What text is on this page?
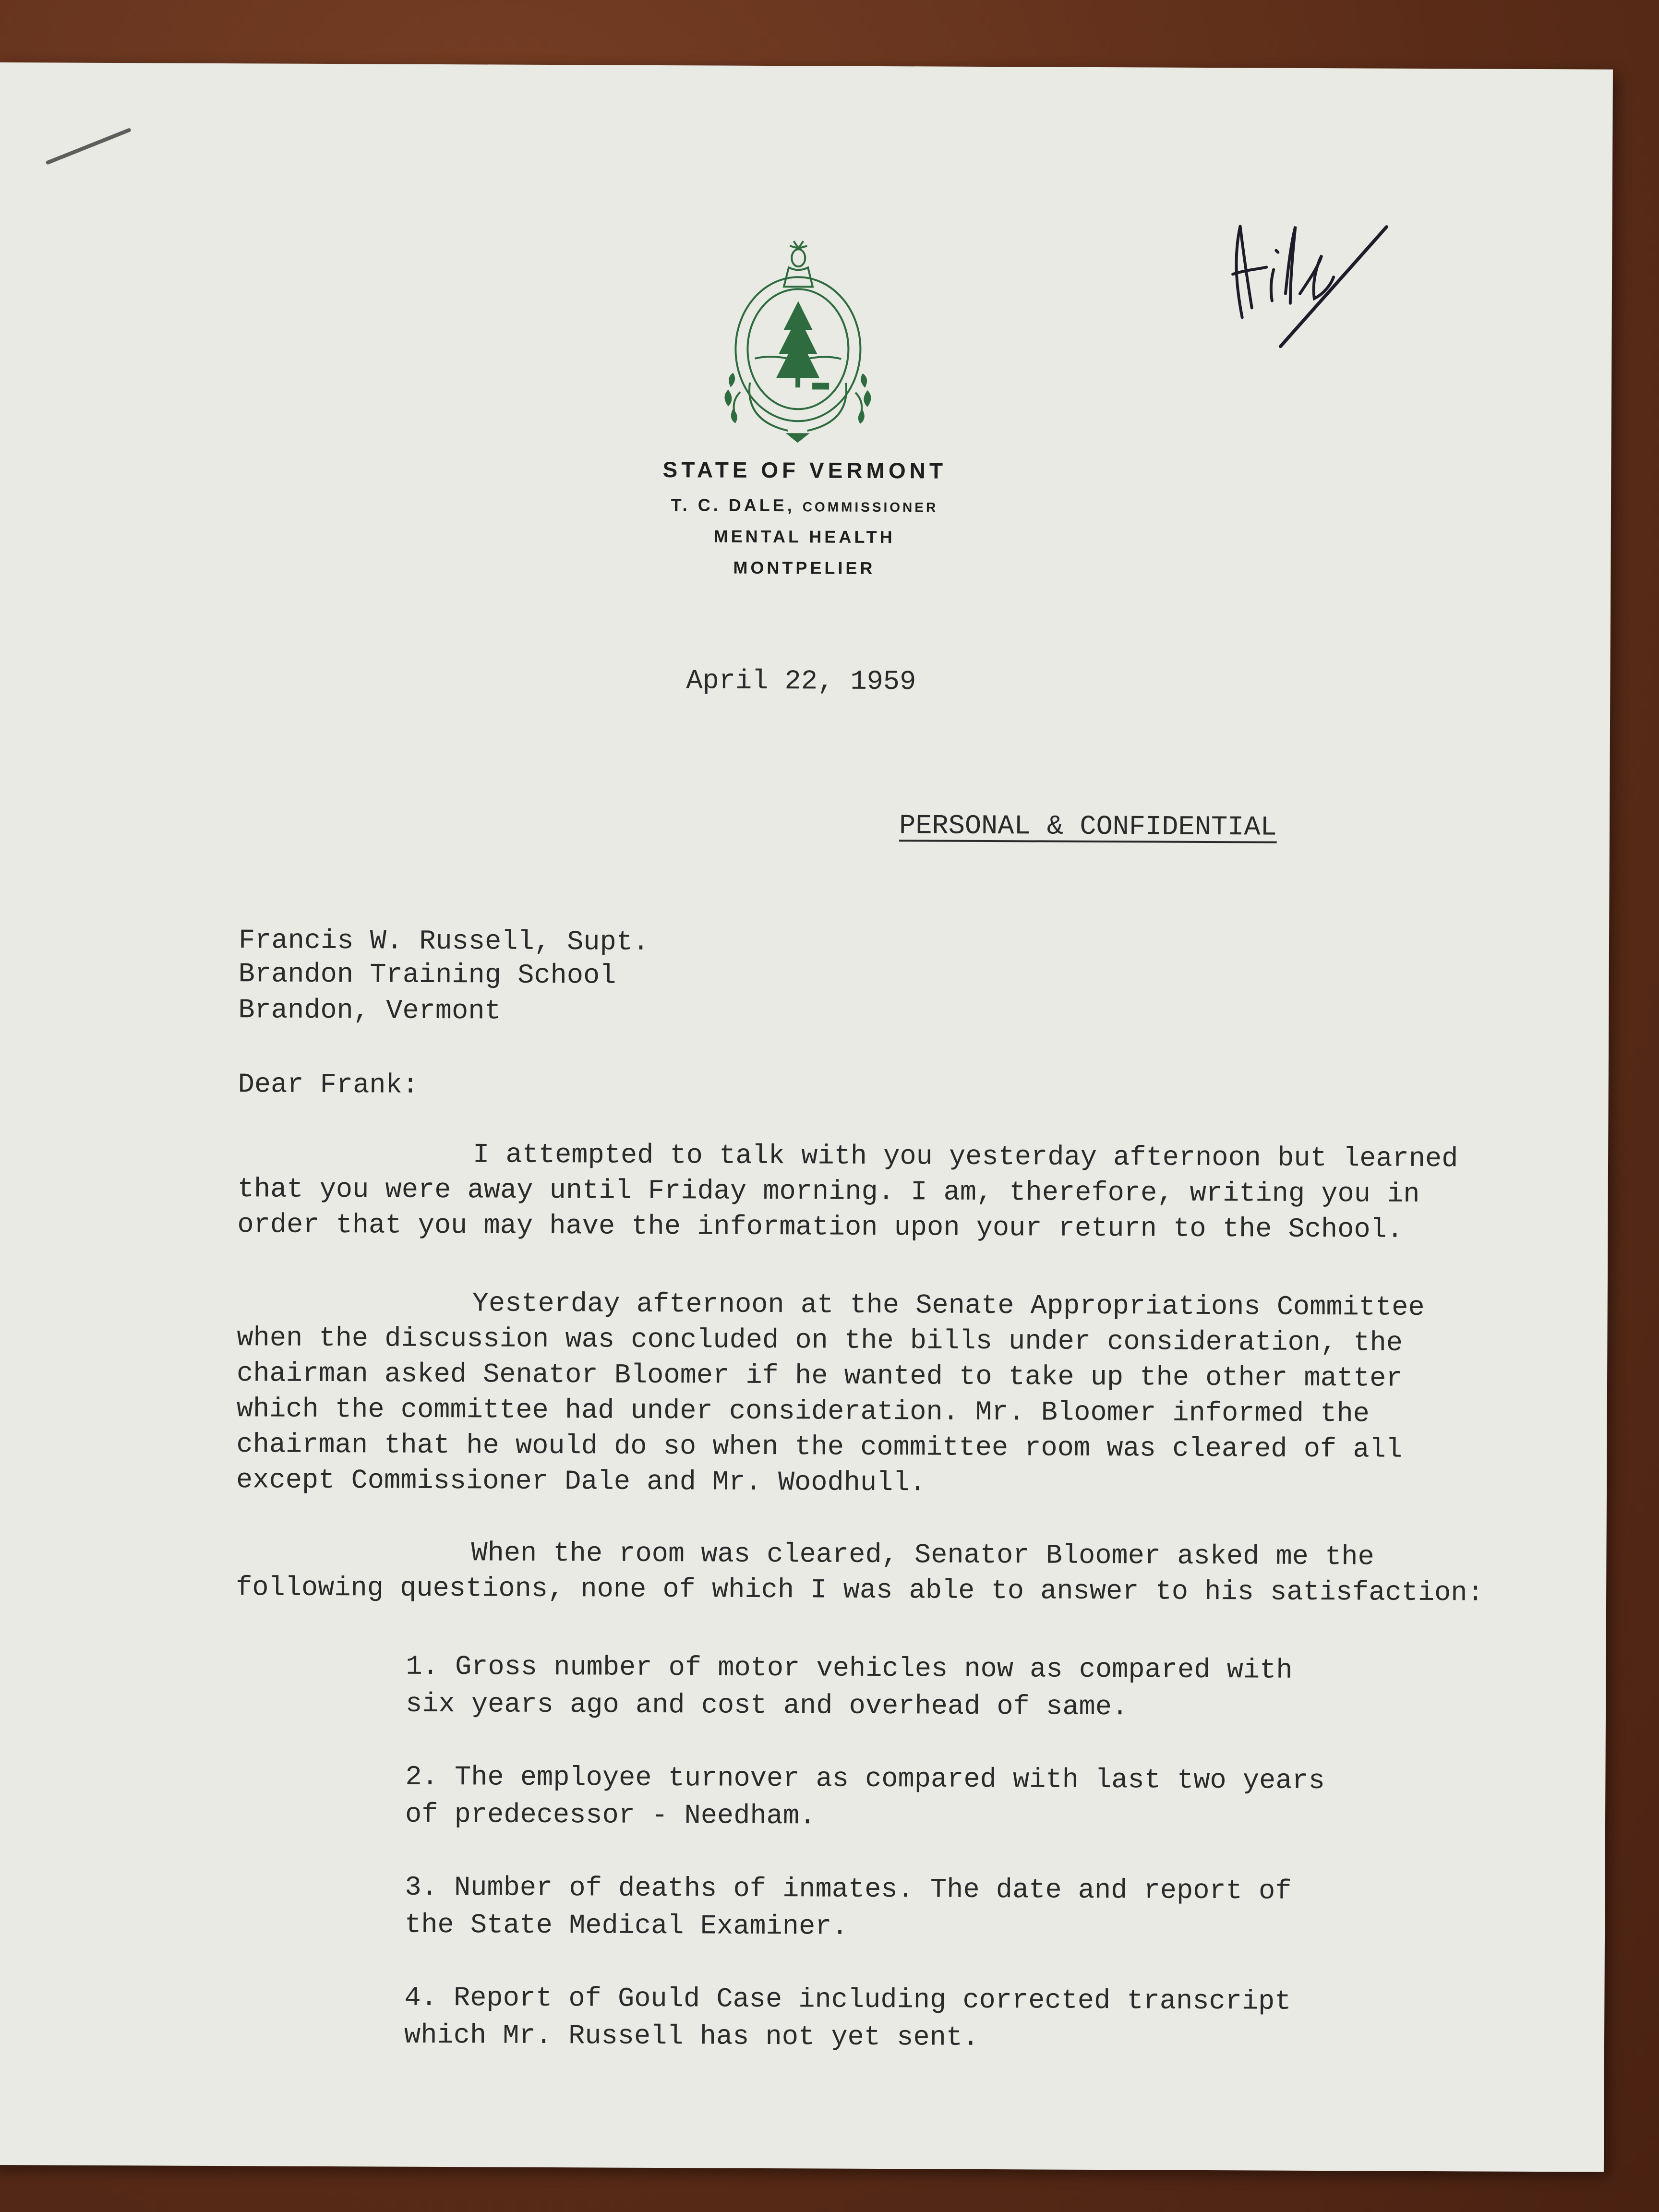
STATE OF VERMONT
T. C. DALE, COMMISSIONER
MENTAL HEALTH
MONTPELIER
April 22, 1959
PERSONAL & CONFIDENTIAL
Francis W. Russell, Supt.
Brandon Training School
Brandon, Vermont
Dear Frank:
I attempted to talk with you yesterday afternoon but learned
that you were away until Friday morning. I am, therefore, writing you in
order that you may have the information upon your return to the School.
Yesterday afternoon at the Senate Appropriations Committee
when the discussion was concluded on the bills under consideration, the
chairman asked Senator Bloomer if he wanted to take up the other matter
which the committee had under consideration. Mr. Bloomer informed the
chairman that he would do so when the committee room was cleared of all
except Commissioner Dale and Mr. Woodhull.
When the room was cleared, Senator Bloomer asked me the
following questions, none of which I was able to answer to his satisfaction:
1. Gross number of motor vehicles now as compared with
six years ago and cost and overhead of same.
2. The employee turnover as compared with last two years
of predecessor - Needham.
3. Number of deaths of inmates. The date and report of
the State Medical Examiner.
4. Report of Gould Case including corrected transcript
which Mr. Russell has not yet sent.
